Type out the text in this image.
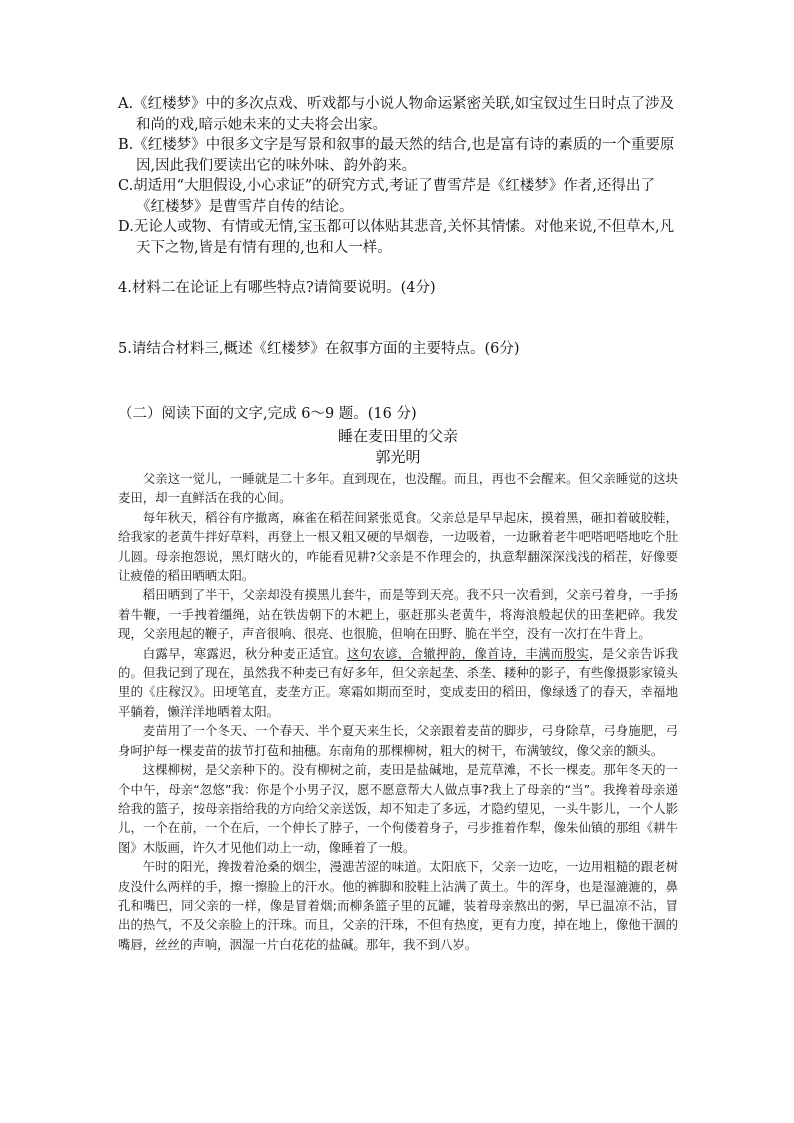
A.《红楼梦》中的多次点戏、听戏都与小说人物命运紧密关联,如宝钗过生日时点了涉及和尚的戏,暗示她未来的丈夫将会出家。

B.《红楼梦》中很多文字是写景和叙事的最天然的结合,也是富有诗的素质的一个重要原因,因此我们要读出它的味外味、韵外韵来。

C.胡适用“大胆假设,小心求证”的研究方式,考证了曹雪芹是《红楼梦》作者,还得出了《红楼梦》是曹雪芹自传的结论。

D.无论人或物、有情或无情,宝玉都可以体贴其悲音,关怀其情愫。对他来说,不但草木,凡天下之物,皆是有情有理的,也和人一样。

4.材料二在论证上有哪些特点?请简要说明。(4分)

5.请结合材料三,概述《红楼梦》在叙事方面的主要特点。(6分)

（二）阅读下面的文字,完成 6～9 题。(16 分)

睡在麦田里的父亲

郭光明

父亲这一觉儿，一睡就是二十多年。直到现在，也没醒。而且，再也不会醒来。但父亲睡觉的这块麦田，却一直鲜活在我的心间。

每年秋天，稻谷有序撤离，麻雀在稻茬间紧张觅食。父亲总是早早起床，摸着黑，砸扣着破胶鞋，给我家的老黄牛拌好草料，再登上一根又粗又硬的旱烟卷，一边吸着，一边瞅着老牛吧嗒吧嗒地吃个肚儿圆。母亲抱怨说，黑灯瞎火的，咋能看见耕?父亲是不作理会的，执意犁翻深深浅浅的稻茬，好像要让疲倦的稻田晒晒太阳。

稻田晒到了半干，父亲却没有摸黑儿套牛，而是等到天亮。我不只一次看到，父亲弓着身，一手扬着牛鞭，一手拽着缰绳，站在铁齿朝下的木耙上，驱赶那头老黄牛，将海浪般起伏的田垄耙碎。我发现，父亲甩起的鞭子，声音很响、很亮、也很脆，但响在田野、脆在半空，没有一次打在牛背上。

白露早，寒露迟，秋分种麦正适宜。这句农谚，合辙押韵，像首诗，丰满而殷实，是父亲告诉我的。但我记到了现在，虽然我不种麦已有好多年，但父亲起垄、杀垄、耧种的影子，有些像摄影家镜头里的《庄稼汉》。田埂笔直，麦垄方正。寒霜如期而至时，变成麦田的稻田，像绿透了的春天，幸福地平躺着，懒洋洋地晒着太阳。

麦苗用了一个冬天、一个春天、半个夏天来生长，父亲跟着麦苗的脚步，弓身除草，弓身施肥，弓身呵护每一棵麦苗的拔节打苞和抽穗。东南角的那棵柳树，粗大的树干，布满皱纹，像父亲的额头。

这棵柳树，是父亲种下的。没有柳树之前，麦田是盐碱地，是荒草滩，不长一棵麦。那年冬天的一个中午，母亲“忽悠”我：你是个小男子汉，愿不愿意帮大人做点事?我上了母亲的“当”。我搀着母亲递给我的篮子，按母亲指给我的方向给父亲送饭，却不知走了多远，才隐约望见，一头牛影儿，一个人影儿，一个在前，一个在后，一个伸长了脖子，一个佝偻着身子，弓步推着作犁，像朱仙镇的那组《耕牛图》木版画，许久才见他们动上一动，像睡着了一般。

午时的阳光，搀拨着沧桑的烟尘，漫漶苦涩的味道。太阳底下，父亲一边吃，一边用粗糙的跟老树皮没什么两样的手，擦一擦脸上的汗水。他的裤脚和胶鞋上沾满了黄土。牛的浑身，也是湿漉漉的，鼻孔和嘴巴，同父亲的一样，像是冒着烟;而柳条篮子里的瓦罐，装着母亲熬出的粥，早已温凉不沾，冒出的热气，不及父亲脸上的汗珠。而且，父亲的汗珠，不但有热度，更有力度，掉在地上，像他干涸的嘴唇，丝丝的声响，洇湿一片白花花的盐碱。那年，我不到八岁。
